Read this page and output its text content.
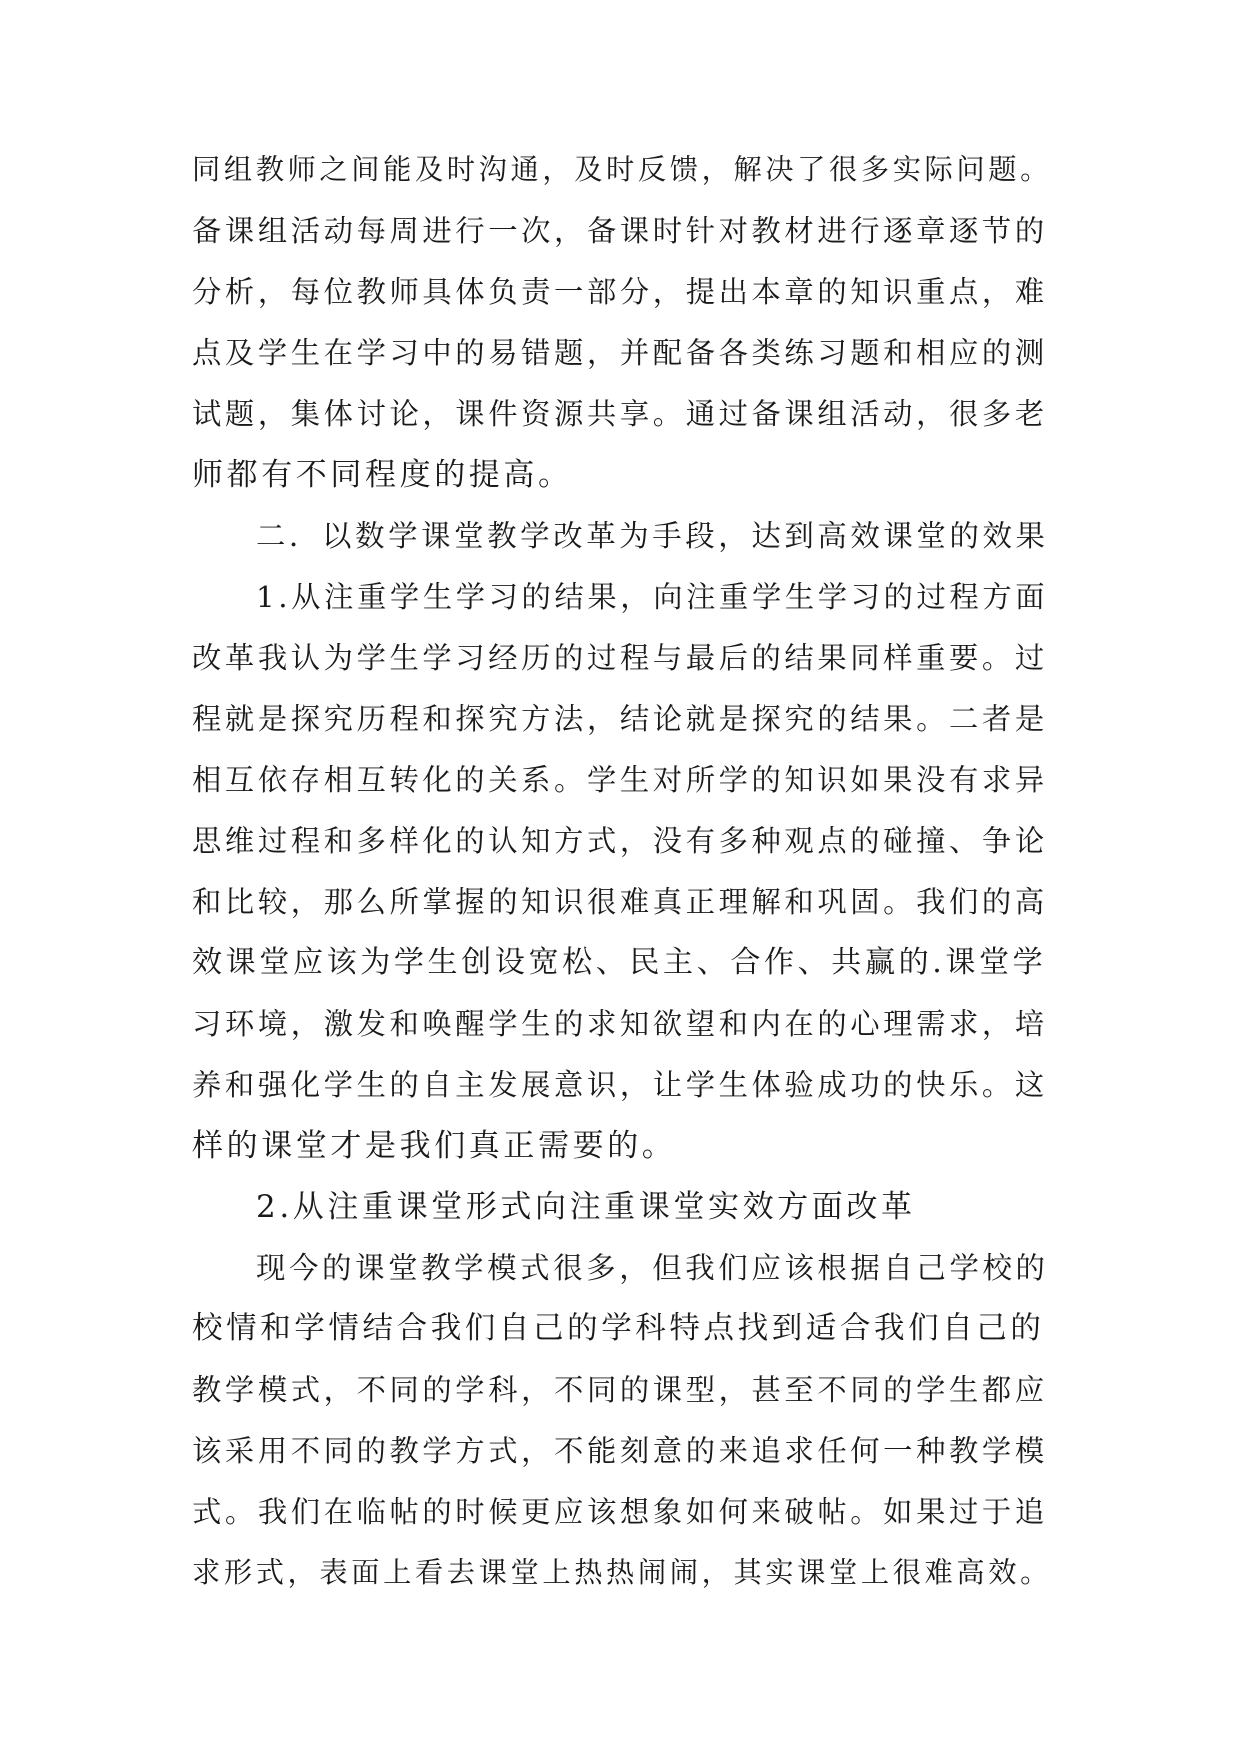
同组教师之间能及时沟通，及时反馈，解决了很多实际问题。
备课组活动每周进行一次，备课时针对教材进行逐章逐节的
分析，每位教师具体负责一部分，提出本章的知识重点，难
点及学生在学习中的易错题，并配备各类练习题和相应的测
试题，集体讨论，课件资源共享。通过备课组活动，很多老
师都有不同程度的提高。
二．以数学课堂教学改革为手段，达到高效课堂的效果
1.从注重学生学习的结果，向注重学生学习的过程方面
改革我认为学生学习经历的过程与最后的结果同样重要。过
程就是探究历程和探究方法，结论就是探究的结果。二者是
相互依存相互转化的关系。学生对所学的知识如果没有求异
思维过程和多样化的认知方式，没有多种观点的碰撞、争论
和比较，那么所掌握的知识很难真正理解和巩固。我们的高
效课堂应该为学生创设宽松、民主、合作、共赢的.课堂学
习环境，激发和唤醒学生的求知欲望和内在的心理需求，培
养和强化学生的自主发展意识，让学生体验成功的快乐。这
样的课堂才是我们真正需要的。
2.从注重课堂形式向注重课堂实效方面改革
现今的课堂教学模式很多，但我们应该根据自己学校的
校情和学情结合我们自己的学科特点找到适合我们自己的
教学模式，不同的学科，不同的课型，甚至不同的学生都应
该采用不同的教学方式，不能刻意的来追求任何一种教学模
式。我们在临帖的时候更应该想象如何来破帖。如果过于追
求形式，表面上看去课堂上热热闹闹，其实课堂上很难高效。
